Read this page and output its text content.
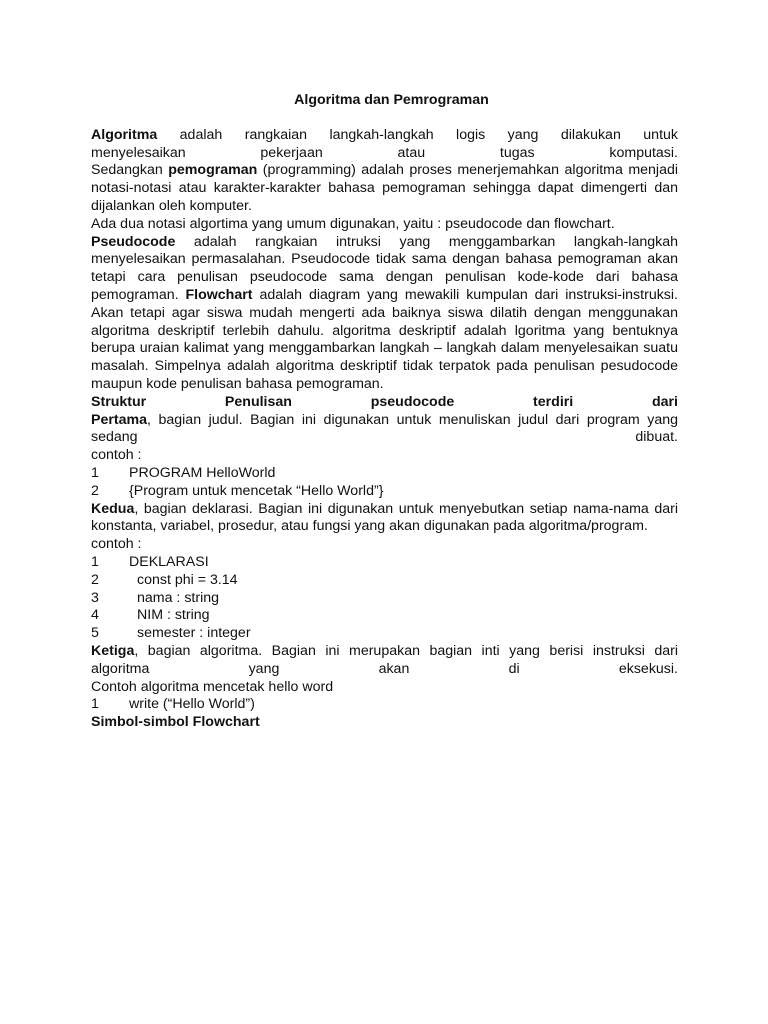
Algoritma dan Pemrograman

Algoritma adalah rangkaian langkah-langkah logis yang dilakukan untuk

menyelesaikan pekerjaan atau tugas komputasi.

Sedangkan pemograman (programming) adalah proses menerjemahkan algoritma menjadi notasi-notasi atau karakter-karakter bahasa pemograman sehingga dapat dimengerti dan dijalankan oleh komputer.

Ada dua notasi algortima yang umum digunakan, yaitu : pseudocode dan flowchart.

Pseudocode adalah rangkaian intruksi yang menggambarkan langkah-langkah menyelesaikan permasalahan. Pseudocode tidak sama dengan bahasa pemograman akan tetapi cara penulisan pseudocode sama dengan penulisan kode-kode dari bahasa pemograman. Flowchart adalah diagram yang mewakili kumpulan dari instruksi-instruksi. Akan tetapi agar siswa mudah mengerti ada baiknya siswa dilatih dengan menggunakan algoritma deskriptif terlebih dahulu. algoritma deskriptif adalah lgoritma yang bentuknya berupa uraian kalimat yang menggambarkan langkah – langkah dalam menyelesaikan suatu masalah. Simpelnya adalah algoritma deskriptif tidak terpatok pada penulisan pesudocode maupun kode penulisan bahasa pemograman.

Struktur Penulisan pseudocode terdiri dari

Pertama, bagian judul. Bagian ini digunakan untuk menuliskan judul dari program yang

sedang dibuat.

contoh :

1	PROGRAM HelloWorld
2	{Program untuk mencetak “Hello World”}

Kedua, bagian deklarasi. Bagian ini digunakan untuk menyebutkan setiap nama-nama dari konstanta, variabel, prosedur, atau fungsi yang akan digunakan pada algoritma/program.

contoh :

1	DEKLARASI
2	const phi = 3.14
3	nama : string
4	NIM : string
5	semester : integer

Ketiga, bagian algoritma. Bagian ini merupakan bagian inti yang berisi instruksi dari

algoritma yang akan di eksekusi.

Contoh algoritma mencetak hello word

1	write (“Hello World”)

Simbol-simbol Flowchart
